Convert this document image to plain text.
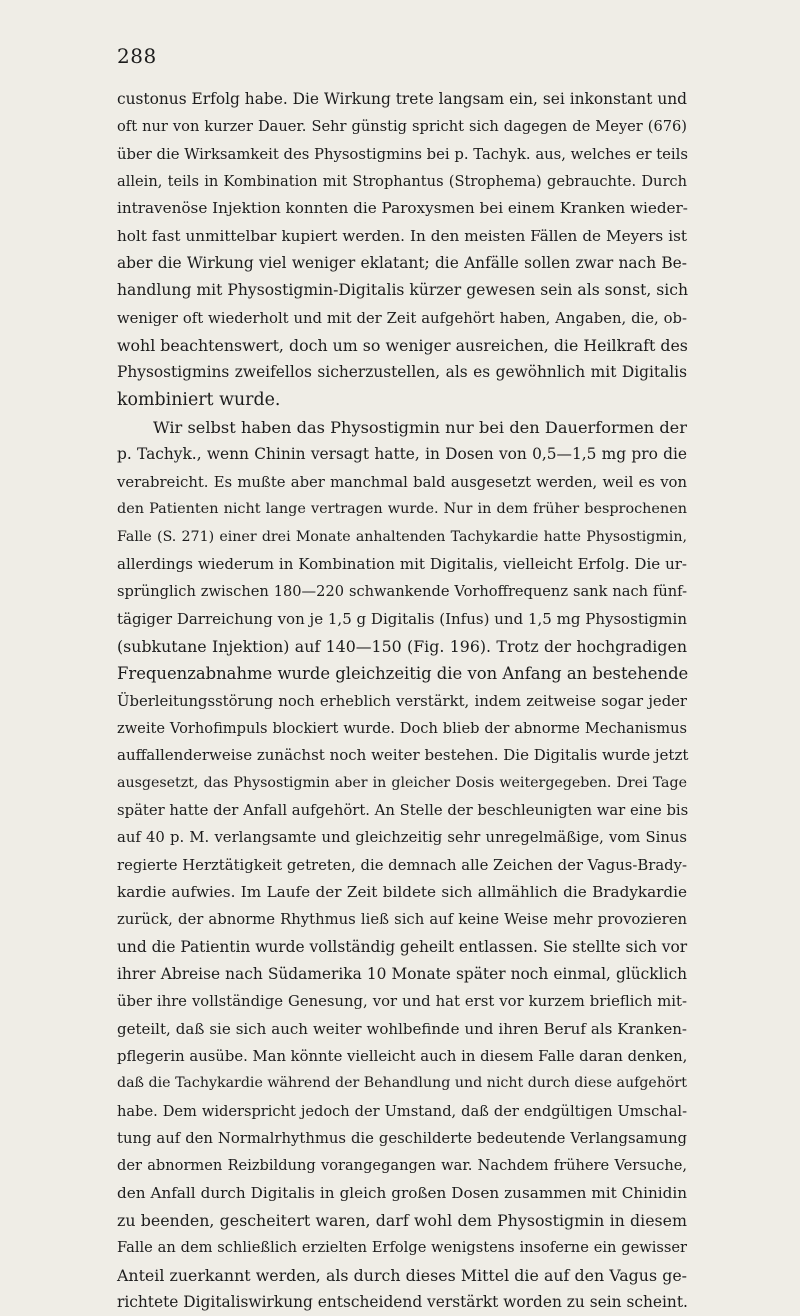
288
custonus Erfolg habe. Die Wirkung trete langsam ein, sei inkonstant und
oft nur von kurzer Dauer. Sehr günstig spricht sich dagegen de Meyer (676)
über die Wirksamkeit des Physostigmins bei p. Tachyk. aus, welches er teils
allein, teils in Kombination mit Strophantus (Strophema) gebrauchte. Durch
intravenöse Injektion konnten die Paroxysmen bei einem Kranken wieder-
holt fast unmittelbar kupiert werden. In den meisten Fällen de Meyers ist
aber die Wirkung viel weniger eklatant; die Anfälle sollen zwar nach Be-
handlung mit Physostigmin-Digitalis kürzer gewesen sein als sonst, sich
weniger oft wiederholt und mit der Zeit aufgehört haben, Angaben, die, ob-
wohl beachtenswert, doch um so weniger ausreichen, die Heilkraft des
Physostigmins zweifellos sicherzustellen, als es gewöhnlich mit Digitalis
kombiniert wurde.
Wir selbst haben das Physostigmin nur bei den Dauerformen der
p. Tachyk., wenn Chinin versagt hatte, in Dosen von 0,5—1,5 mg pro die
verabreicht. Es mußte aber manchmal bald ausgesetzt werden, weil es von
den Patienten nicht lange vertragen wurde. Nur in dem früher besprochenen
Falle (S. 271) einer drei Monate anhaltenden Tachykardie hatte Physostigmin,
allerdings wiederum in Kombination mit Digitalis, vielleicht Erfolg. Die ur-
sprünglich zwischen 180—220 schwankende Vorhoffrequenz sank nach fünf-
tägiger Darreichung von je 1,5 g Digitalis (Infus) und 1,5 mg Physostigmin
(subkutane Injektion) auf 140—150 (Fig. 196). Trotz der hochgradigen
Frequenzabnahme wurde gleichzeitig die von Anfang an bestehende
Überleitungsstörung noch erheblich verstärkt, indem zeitweise sogar jeder
zweite Vorhofimpuls blockiert wurde. Doch blieb der abnorme Mechanismus
auffallenderweise zunächst noch weiter bestehen. Die Digitalis wurde jetzt
ausgesetzt, das Physostigmin aber in gleicher Dosis weitergegeben. Drei Tage
später hatte der Anfall aufgehört. An Stelle der beschleunigten war eine bis
auf 40 p. M. verlangsamte und gleichzeitig sehr unregelmäßige, vom Sinus
regierte Herztätigkeit getreten, die demnach alle Zeichen der Vagus-Brady-
kardie aufwies. Im Laufe der Zeit bildete sich allmählich die Bradykardie
zurück, der abnorme Rhythmus ließ sich auf keine Weise mehr provozieren
und die Patientin wurde vollständig geheilt entlassen. Sie stellte sich vor
ihrer Abreise nach Südamerika 10 Monate später noch einmal, glücklich
über ihre vollständige Genesung, vor und hat erst vor kurzem brieflich mit-
geteilt, daß sie sich auch weiter wohlbefinde und ihren Beruf als Kranken-
pflegerin ausübe. Man könnte vielleicht auch in diesem Falle daran denken,
daß die Tachykardie während der Behandlung und nicht durch diese aufgehört
habe. Dem widerspricht jedoch der Umstand, daß der endgültigen Umschal-
tung auf den Normalrhythmus die geschilderte bedeutende Verlangsamung
der abnormen Reizbildung vorangegangen war. Nachdem frühere Versuche,
den Anfall durch Digitalis in gleich großen Dosen zusammen mit Chinidin
zu beenden, gescheitert waren, darf wohl dem Physostigmin in diesem
Falle an dem schließlich erzielten Erfolge wenigstens insoferne ein gewisser
Anteil zuerkannt werden, als durch dieses Mittel die auf den Vagus ge-
richtete Digitaliswirkung entscheidend verstärkt worden zu sein scheint.
